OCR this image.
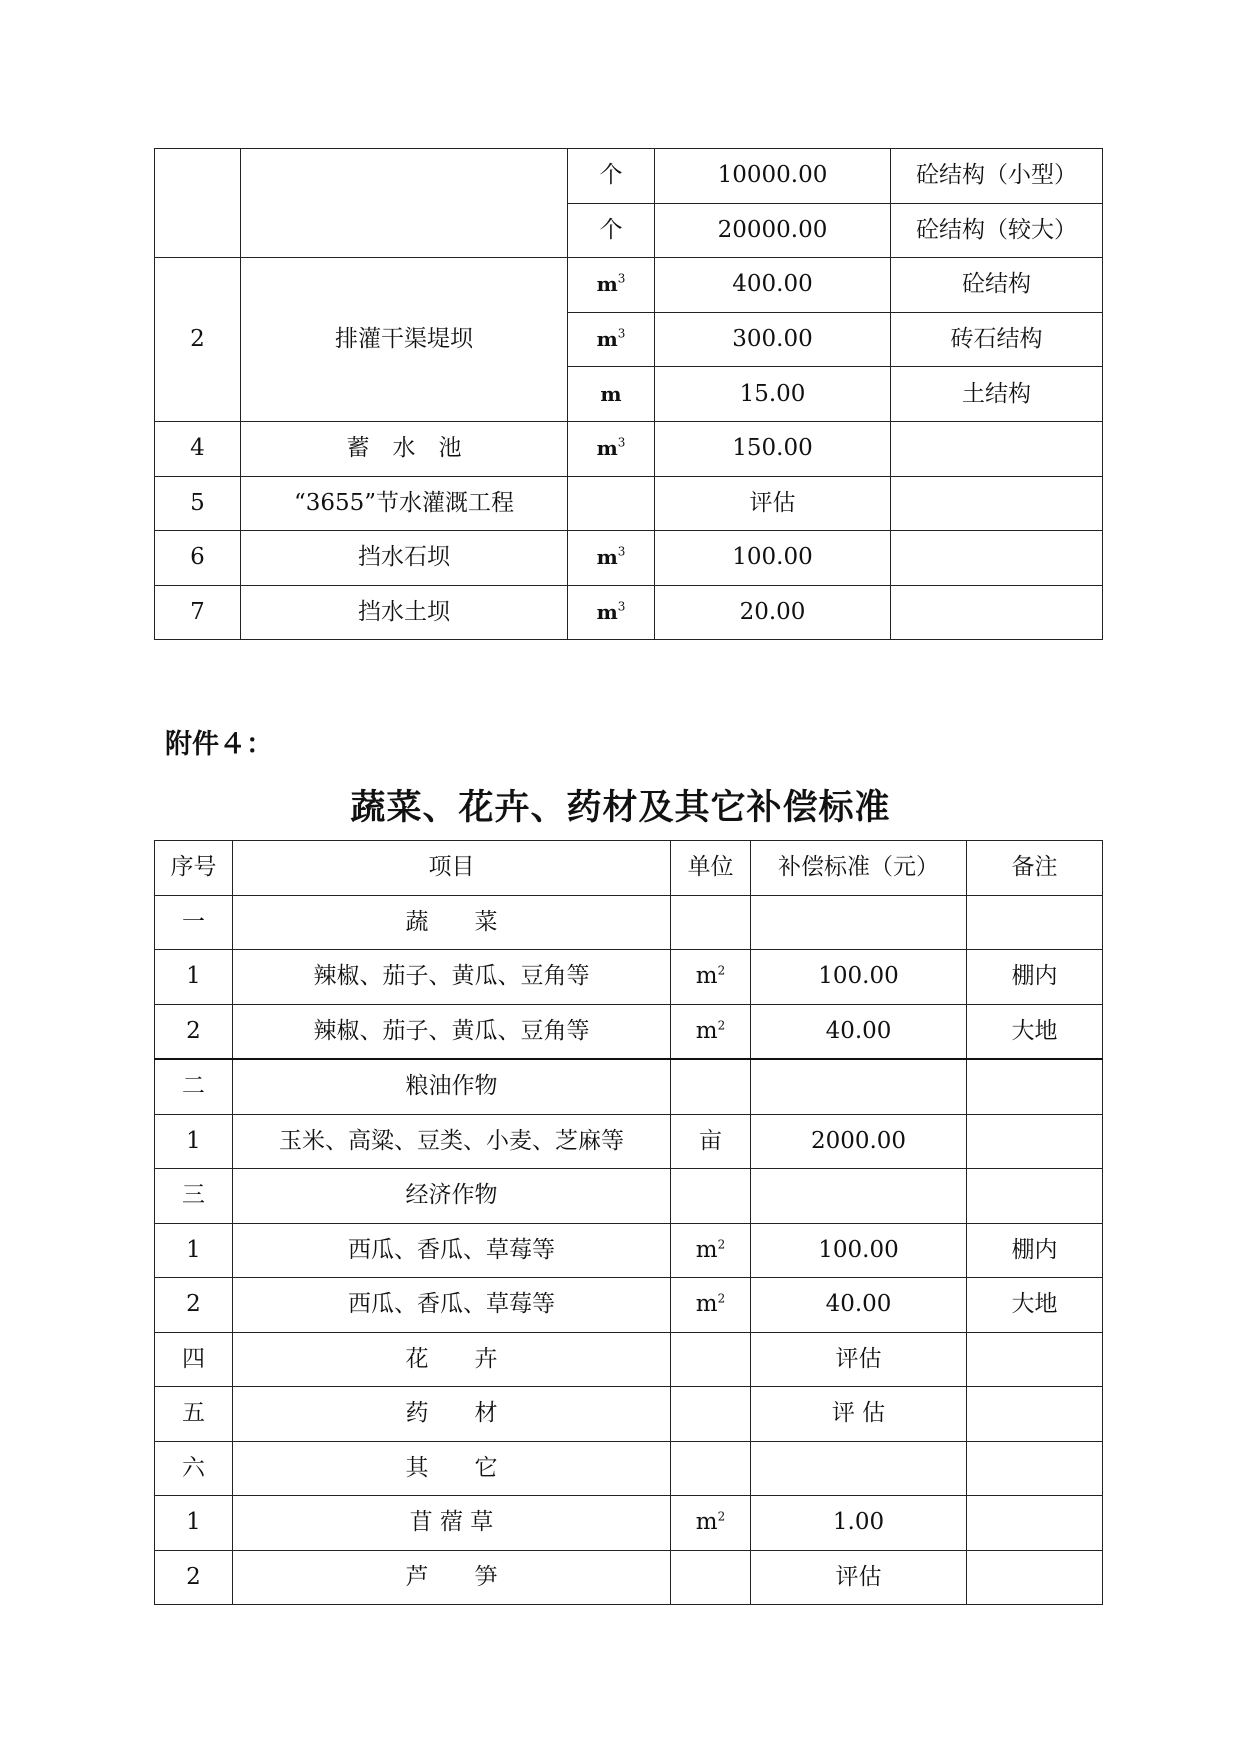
		个	10000.00	砼结构（小型）
		个	20000.00	砼结构（较大）
2	排灌干渠堤坝	$m^3$	400.00	砼结构
		$m^3$	300.00	砖石结构
		m	15.00	土结构
4	蓄　水　池	$m^3$	150.00	
5	“3655”节水灌溉工程		评估	
6	挡水石坝	$m^3$	100.00	
7	挡水土坝	$m^3$	20.00	
附件４：
蔬菜、花卉、药材及其它补偿标准
序号	项目	单位	补偿标准（元）	备注
一	蔬　　菜			
1	辣椒、茄子、黄瓜、豆角等	$m^2$	100.00	棚内
2	辣椒、茄子、黄瓜、豆角等	$m^2$	40.00	大地
二	粮油作物			
1	玉米、高粱、豆类、小麦、芝麻等	亩	2000.00	
三	经济作物			
1	西瓜、香瓜、草莓等	$m^2$	100.00	棚内
2	西瓜、香瓜、草莓等	$m^2$	40.00	大地
四	花　　卉		评估	
五	药　　材		评 估	
六	其　　它			
1	苜 蓿 草	$m^2$	1.00	
2	芦　　笋		评估	
